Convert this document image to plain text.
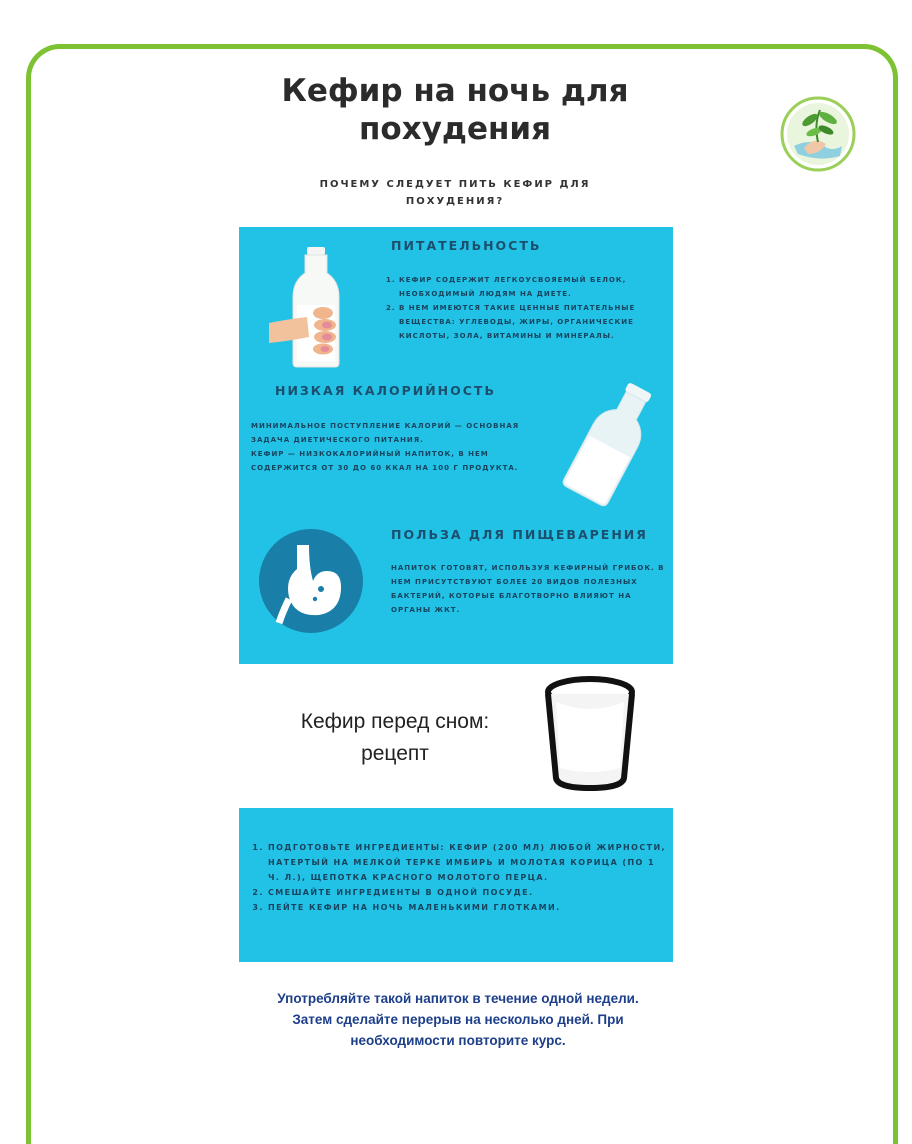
Кефир на ночь для похудения
ПОЧЕМУ СЛЕДУЕТ ПИТЬ КЕФИР ДЛЯ ПОХУДЕНИЯ?
ПИТАТЕЛЬНОСТЬ
1. КЕФИР СОДЕРЖИТ ЛЕГКОУСВОЯЕМЫЙ БЕЛОК, НЕОБХОДИМЫЙ ЛЮДЯМ НА ДИЕТЕ.
2. В НЕМ ИМЕЮТСЯ ТАКИЕ ЦЕННЫЕ ПИТАТЕЛЬНЫЕ ВЕЩЕСТВА: УГЛЕВОДЫ, ЖИРЫ, ОРГАНИЧЕСКИЕ КИСЛОТЫ, ЗОЛА, ВИТАМИНЫ И МИНЕРАЛЫ.
НИЗКАЯ КАЛОРИЙНОСТЬ
МИНИМАЛЬНОЕ ПОСТУПЛЕНИЕ КАЛОРИЙ — ОСНОВНАЯ ЗАДАЧА ДИЕТИЧЕСКОГО ПИТАНИЯ.
КЕФИР — НИЗКОКАЛОРИЙНЫЙ НАПИТОК, В НЕМ СОДЕРЖИТСЯ ОТ 30 ДО 60 ККАЛ НА 100 Г ПРОДУКТА.
ПОЛЬЗА ДЛЯ ПИЩЕВАРЕНИЯ
НАПИТОК ГОТОВЯТ, ИСПОЛЬЗУЯ КЕФИРНЫЙ ГРИБОК. В НЕМ ПРИСУТСТВУЮТ БОЛЕЕ 20 ВИДОВ ПОЛЕЗНЫХ БАКТЕРИЙ, КОТОРЫЕ БЛАГОТВОРНО ВЛИЯЮТ НА ОРГАНЫ ЖКТ.
Кефир перед сном:
рецепт
1. ПОДГОТОВЬТЕ ИНГРЕДИЕНТЫ: КЕФИР (200 МЛ) ЛЮБОЙ ЖИРНОСТИ, НАТЕРТЫЙ НА МЕЛКОЙ ТЕРКЕ ИМБИРЬ И МОЛОТАЯ КОРИЦА (ПО 1 Ч. Л.), ЩЕПОТКА КРАСНОГО МОЛОТОГО ПЕРЦА.
2. СМЕШАЙТЕ ИНГРЕДИЕНТЫ В ОДНОЙ ПОСУДЕ.
3. ПЕЙТЕ КЕФИР НА НОЧЬ МАЛЕНЬКИМИ ГЛОТКАМИ.
Употребляйте такой напиток в течение одной недели. Затем сделайте перерыв на несколько дней. При необходимости повторите курс.
